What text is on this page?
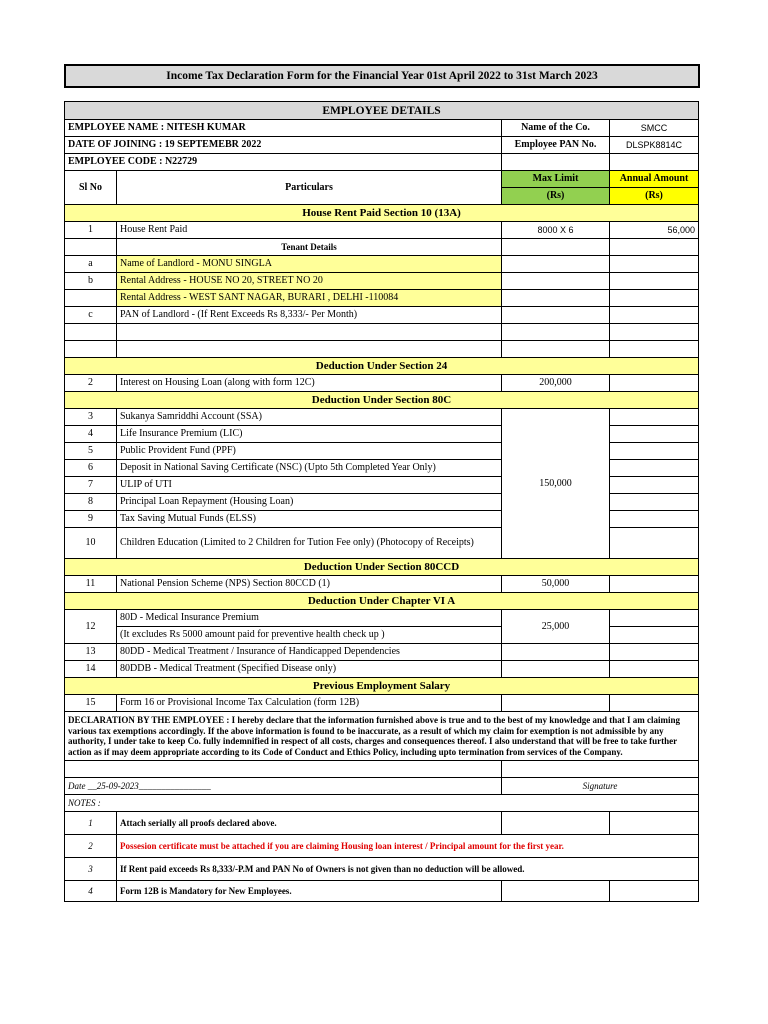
Income Tax Declaration Form for the Financial Year 01st April 2022 to 31st March 2023
EMPLOYEE DETAILS			
EMPLOYEE NAME : NITESH KUMAR		Name of the Co.	SMCC
DATE OF JOINING : 19 SEPTEMEBR 2022		Employee PAN No.	DLSPK8814C
EMPLOYEE CODE : N22729			
Sl No	Particulars	Max Limit	Annual Amount
		(Rs)	(Rs)
House Rent Paid Section 10 (13A)			
1	House Rent Paid	8000 X 6	56,000
	Tenant Details		
a	Name of Landlord - MONU SINGLA		
b	Rental Address - HOUSE NO 20, STREET NO 20		
	Rental Address - WEST SANT NAGAR, BURARI , DELHI -110084		
c	PAN of Landlord - (If Rent Exceeds Rs 8,333/- Per Month)		

Deduction Under Section 24			
2	Interest on Housing Loan (along with form 12C)	200,000	
Deduction Under Section 80C			
3	Sukanya Samriddhi Account (SSA)	150,000	
4	Life Insurance Premium (LIC)		
5	Public Provident Fund (PPF)		
6	Deposit in National Saving Certificate (NSC) (Upto 5th Completed Year Only)		
7	ULIP of UTI		
8	Principal Loan Repayment (Housing Loan)		
9	Tax Saving Mutual Funds (ELSS)		
10	Children Education (Limited to 2 Children for Tution Fee only) (Photocopy of Receipts)		
Deduction Under Section 80CCD			
11	National Pension Scheme (NPS) Section 80CCD (1)	50,000	
Deduction Under Chapter VI A			
12	80D - Medical Insurance Premium	25,000	
	(It excludes Rs 5000 amount paid for preventive health check up )		
13	80DD - Medical Treatment / Insurance of Handicapped Dependencies		
14	80DDB - Medical Treatment (Specified Disease only)		
Previous Employment Salary			
15	Form 16 or Provisional Income Tax Calculation (form 12B)		
DECLARATION BY THE EMPLOYEE : I hereby declare that the information furnished above is true and to the best of my knowledge and that I am claiming various tax exemptions accordingly. If the above information is found to be inaccurate, as a result of which my claim for exemption is not admissible by any authority, I under take to keep Co. fully indemnified in respect of all costs, charges and consequences thereof. I also understand that will be free to take further action as if may deem appropriate according to its Code of Conduct and Ethics Policy, including upto termination from services of the Company.			

Date __25-09-2023________________		Signature	
NOTES :			
1	Attach serially all proofs declared above.		
2	Possesion certificate must be attached if you are claiming Housing loan interest / Principal amount for the first year.		
3	If Rent paid exceeds Rs 8,333/-P.M and PAN No of Owners is not given than no deduction will be allowed.		
4	Form 12B is Mandatory for New Employees.		
